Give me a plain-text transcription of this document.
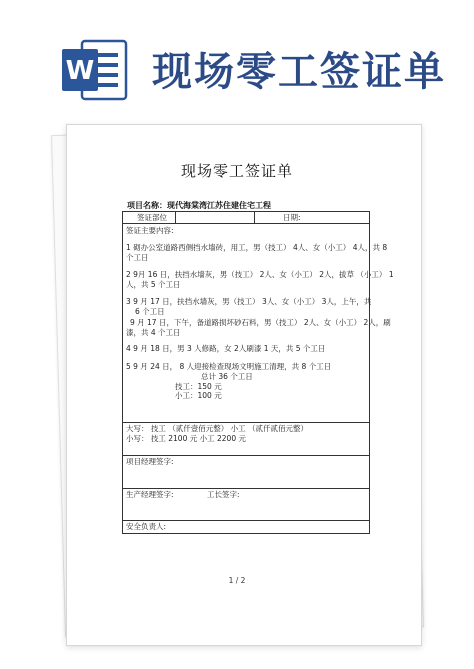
W 现场零工签证单
现场零工签证单
项目名称：现代海棠湾江苏住建住宅工程
签证部位	日期:
签证主要内容:
1 砌办公室道路西侧挡水墙砖，用工，男（技工） 4人、女（小工） 4人，共 8
个工日
2 9月 16 日，扶挡水墙灰，男（技工） 2人、女（小工） 2人，拔草 （小工） 1
人，共 5 个工日
3 9 月 17 日，扶挡水墙灰，男（技工） 3人、女（小工） 3人，上午，共
6 个工日
9 月 17 日，下午，备道路损坏砂石料，男（技工） 2人、女（小工） 2人，刷
漆，共 4 个工日
4 9 月 18 日，男 3 人修路，女 2人刷漆 1 天，共 5 个工日
5 9 月 24 日， 8 人迎接检查现场文明施工清理，共 8 个工日
总计 36 个工日
技工：150 元
小工：100 元
大写： 技工 （贰仟壹佰元整） 小工 （贰仟贰佰元整）
小写： 技工 2100 元 小工 2200 元
项目经理签字:
生产经理签字:	工长签字:
安全负责人:
1 / 2
